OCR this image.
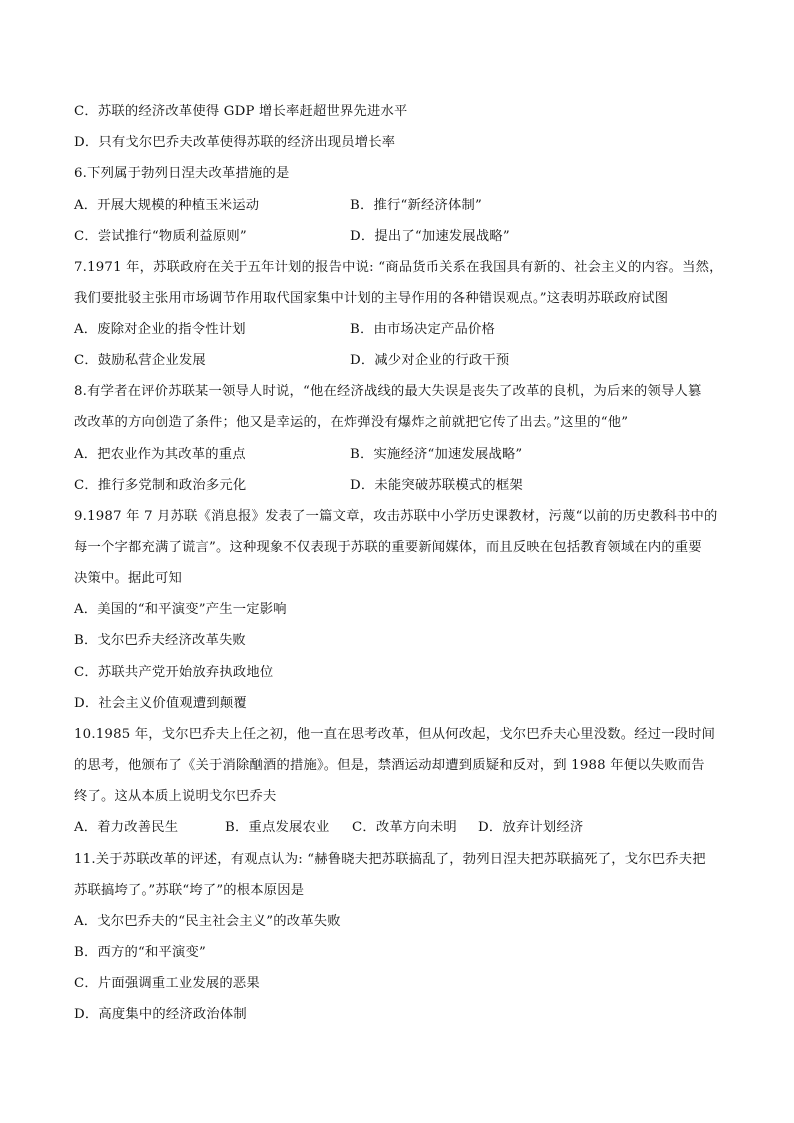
C．苏联的经济改革使得 GDP 增长率赶超世界先进水平
D．只有戈尔巴乔夫改革使得苏联的经济出现员增长率
6.下列属于勃列日涅夫改革措施的是
A．开展大规模的种植玉米运动	B．推行“新经济体制”
C．尝试推行“物质利益原则”	D．提出了“加速发展战略”
7.1971 年，苏联政府在关于五年计划的报告中说: “商品货币关系在我国具有新的、社会主义的内容。当然，
我们要批驳主张用市场调节作用取代国家集中计划的主导作用的各种错误观点。”这表明苏联政府试图
A．废除对企业的指令性计划	B．由市场决定产品价格
C．鼓励私营企业发展	D．减少对企业的行政干预
8.有学者在评价苏联某一领导人时说，“他在经济战线的最大失误是丧失了改革的良机，为后来的领导人篡
改改革的方向创造了条件；他又是幸运的，在炸弹没有爆炸之前就把它传了出去。”这里的“他”
A．把农业作为其改革的重点	B．实施经济“加速发展战略”
C．推行多党制和政治多元化	D．未能突破苏联模式的框架
9.1987 年 7 月苏联《消息报》发表了一篇文章，攻击苏联中小学历史课教材，污蔑“以前的历史教科书中的
每一个字都充满了谎言”。这种现象不仅表现于苏联的重要新闻媒体，而且反映在包括教育领域在内的重要
决策中。据此可知
A．美国的“和平演变”产生一定影响
B．戈尔巴乔夫经济改革失败
C．苏联共产党开始放弃执政地位
D．社会主义价值观遭到颠覆
10.1985 年，戈尔巴乔夫上任之初，他一直在思考改革，但从何改起，戈尔巴乔夫心里没数。经过一段时间
的思考，他颁布了《关于消除酗酒的措施》。但是，禁酒运动却遭到质疑和反对，到 1988 年便以失败而告
终了。这从本质上说明戈尔巴乔夫
A．着力改善民生	B．重点发展农业 C．改革方向未明 D．放弃计划经济
11.关于苏联改革的评述，有观点认为: “赫鲁晓夫把苏联搞乱了，勃列日涅夫把苏联搞死了，戈尔巴乔夫把
苏联搞垮了。”苏联“垮了”的根本原因是
A．戈尔巴乔夫的“民主社会主义”的改革失败
B．西方的“和平演变”
C．片面强调重工业发展的恶果
D．高度集中的经济政治体制
